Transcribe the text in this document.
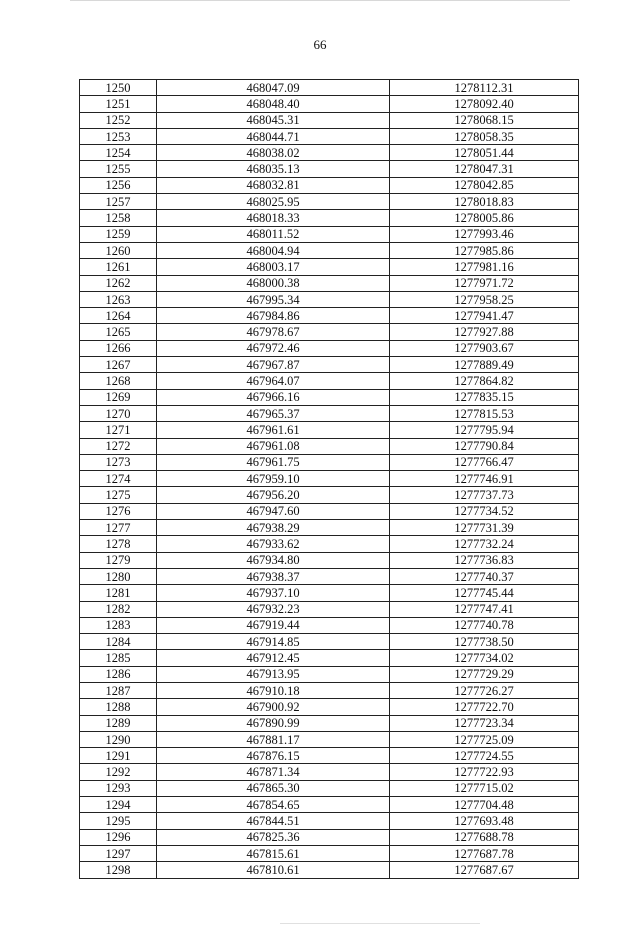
66
1250	468047.09	1278112.31
1251	468048.40	1278092.40
1252	468045.31	1278068.15
1253	468044.71	1278058.35
1254	468038.02	1278051.44
1255	468035.13	1278047.31
1256	468032.81	1278042.85
1257	468025.95	1278018.83
1258	468018.33	1278005.86
1259	468011.52	1277993.46
1260	468004.94	1277985.86
1261	468003.17	1277981.16
1262	468000.38	1277971.72
1263	467995.34	1277958.25
1264	467984.86	1277941.47
1265	467978.67	1277927.88
1266	467972.46	1277903.67
1267	467967.87	1277889.49
1268	467964.07	1277864.82
1269	467966.16	1277835.15
1270	467965.37	1277815.53
1271	467961.61	1277795.94
1272	467961.08	1277790.84
1273	467961.75	1277766.47
1274	467959.10	1277746.91
1275	467956.20	1277737.73
1276	467947.60	1277734.52
1277	467938.29	1277731.39
1278	467933.62	1277732.24
1279	467934.80	1277736.83
1280	467938.37	1277740.37
1281	467937.10	1277745.44
1282	467932.23	1277747.41
1283	467919.44	1277740.78
1284	467914.85	1277738.50
1285	467912.45	1277734.02
1286	467913.95	1277729.29
1287	467910.18	1277726.27
1288	467900.92	1277722.70
1289	467890.99	1277723.34
1290	467881.17	1277725.09
1291	467876.15	1277724.55
1292	467871.34	1277722.93
1293	467865.30	1277715.02
1294	467854.65	1277704.48
1295	467844.51	1277693.48
1296	467825.36	1277688.78
1297	467815.61	1277687.78
1298	467810.61	1277687.67
